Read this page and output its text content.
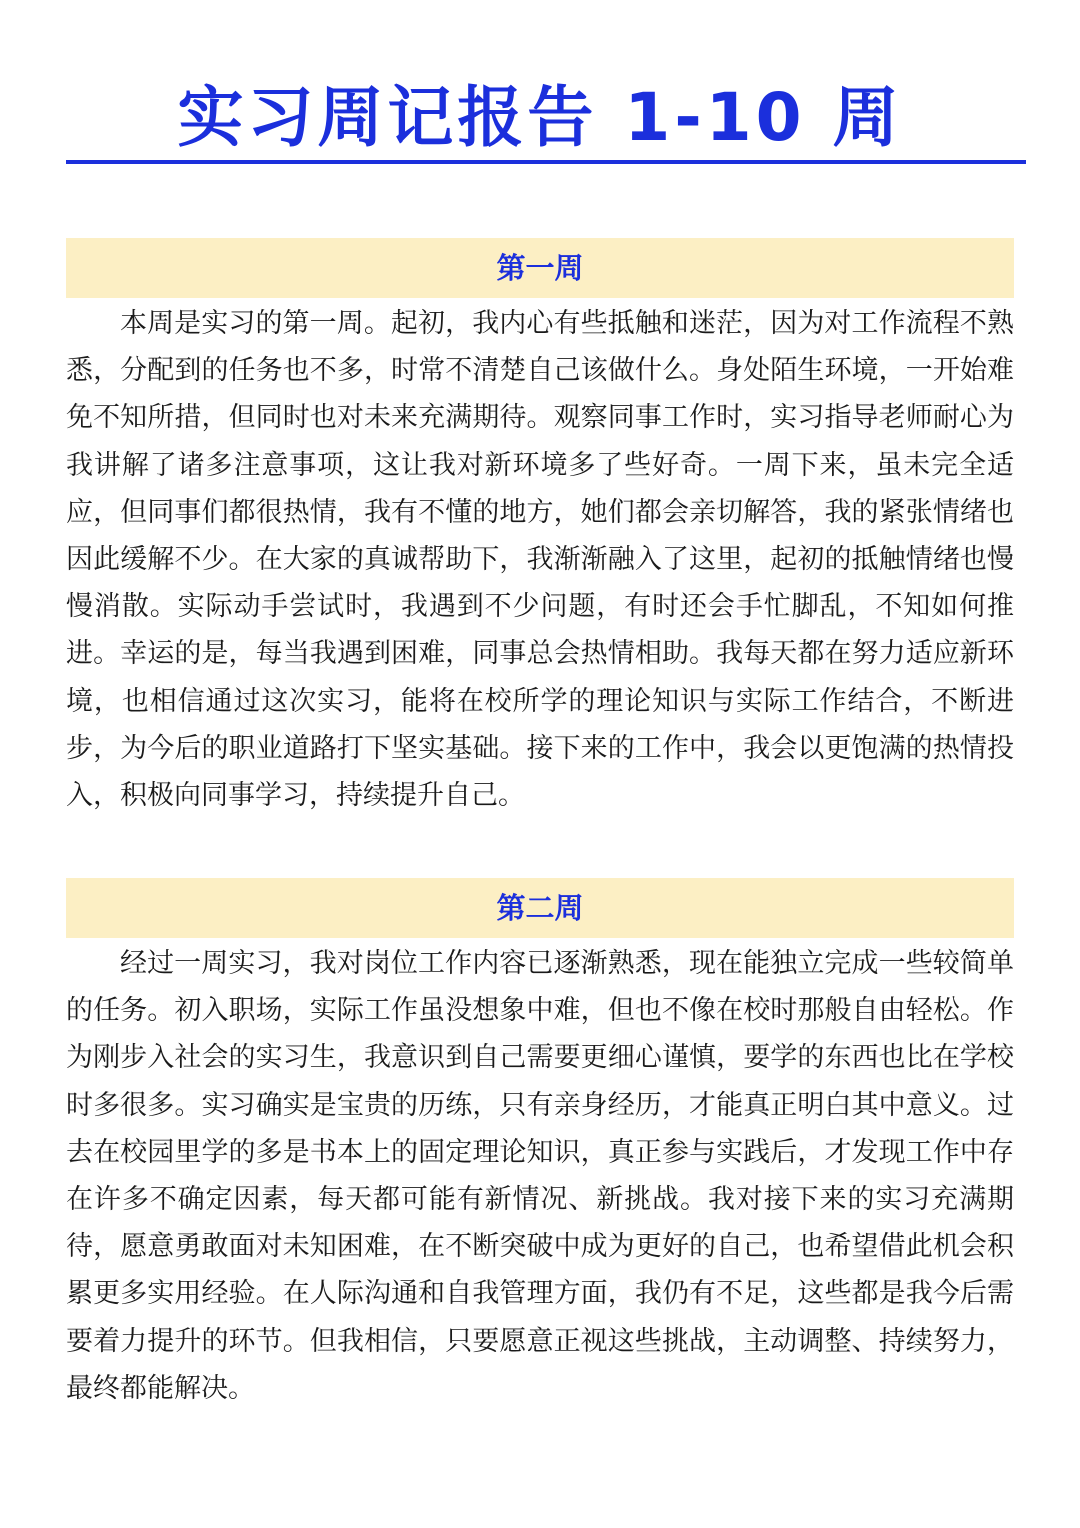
实习周记报告 1-10 周
第一周

本周是实习的第一周。起初，我内心有些抵触和迷茫，因为对工作流程不熟悉，分配到的任务也不多，时常不清楚自己该做什么。身处陌生环境，一开始难免不知所措，但同时也对未来充满期待。观察同事工作时，实习指导老师耐心为我讲解了诸多注意事项，这让我对新环境多了些好奇。一周下来，虽未完全适应，但同事们都很热情，我有不懂的地方，她们都会亲切解答，我的紧张情绪也因此缓解不少。在大家的真诚帮助下，我渐渐融入了这里，起初的抵触情绪也慢慢消散。实际动手尝试时，我遇到不少问题，有时还会手忙脚乱，不知如何推进。幸运的是，每当我遇到困难，同事总会热情相助。我每天都在努力适应新环境，也相信通过这次实习，能将在校所学的理论知识与实际工作结合，不断进步，为今后的职业道路打下坚实基础。接下来的工作中，我会以更饱满的热情投入，积极向同事学习，持续提升自己。

第二周

经过一周实习，我对岗位工作内容已逐渐熟悉，现在能独立完成一些较简单的任务。初入职场，实际工作虽没想象中难，但也不像在校时那般自由轻松。作为刚步入社会的实习生，我意识到自己需要更细心谨慎，要学的东西也比在学校时多很多。实习确实是宝贵的历练，只有亲身经历，才能真正明白其中意义。过去在校园里学的多是书本上的固定理论知识，真正参与实践后，才发现工作中存在许多不确定因素，每天都可能有新情况、新挑战。我对接下来的实习充满期待，愿意勇敢面对未知困难，在不断突破中成为更好的自己，也希望借此机会积累更多实用经验。在人际沟通和自我管理方面，我仍有不足，这些都是我今后需要着力提升的环节。但我相信，只要愿意正视这些挑战，主动调整、持续努力，最终都能解决。
